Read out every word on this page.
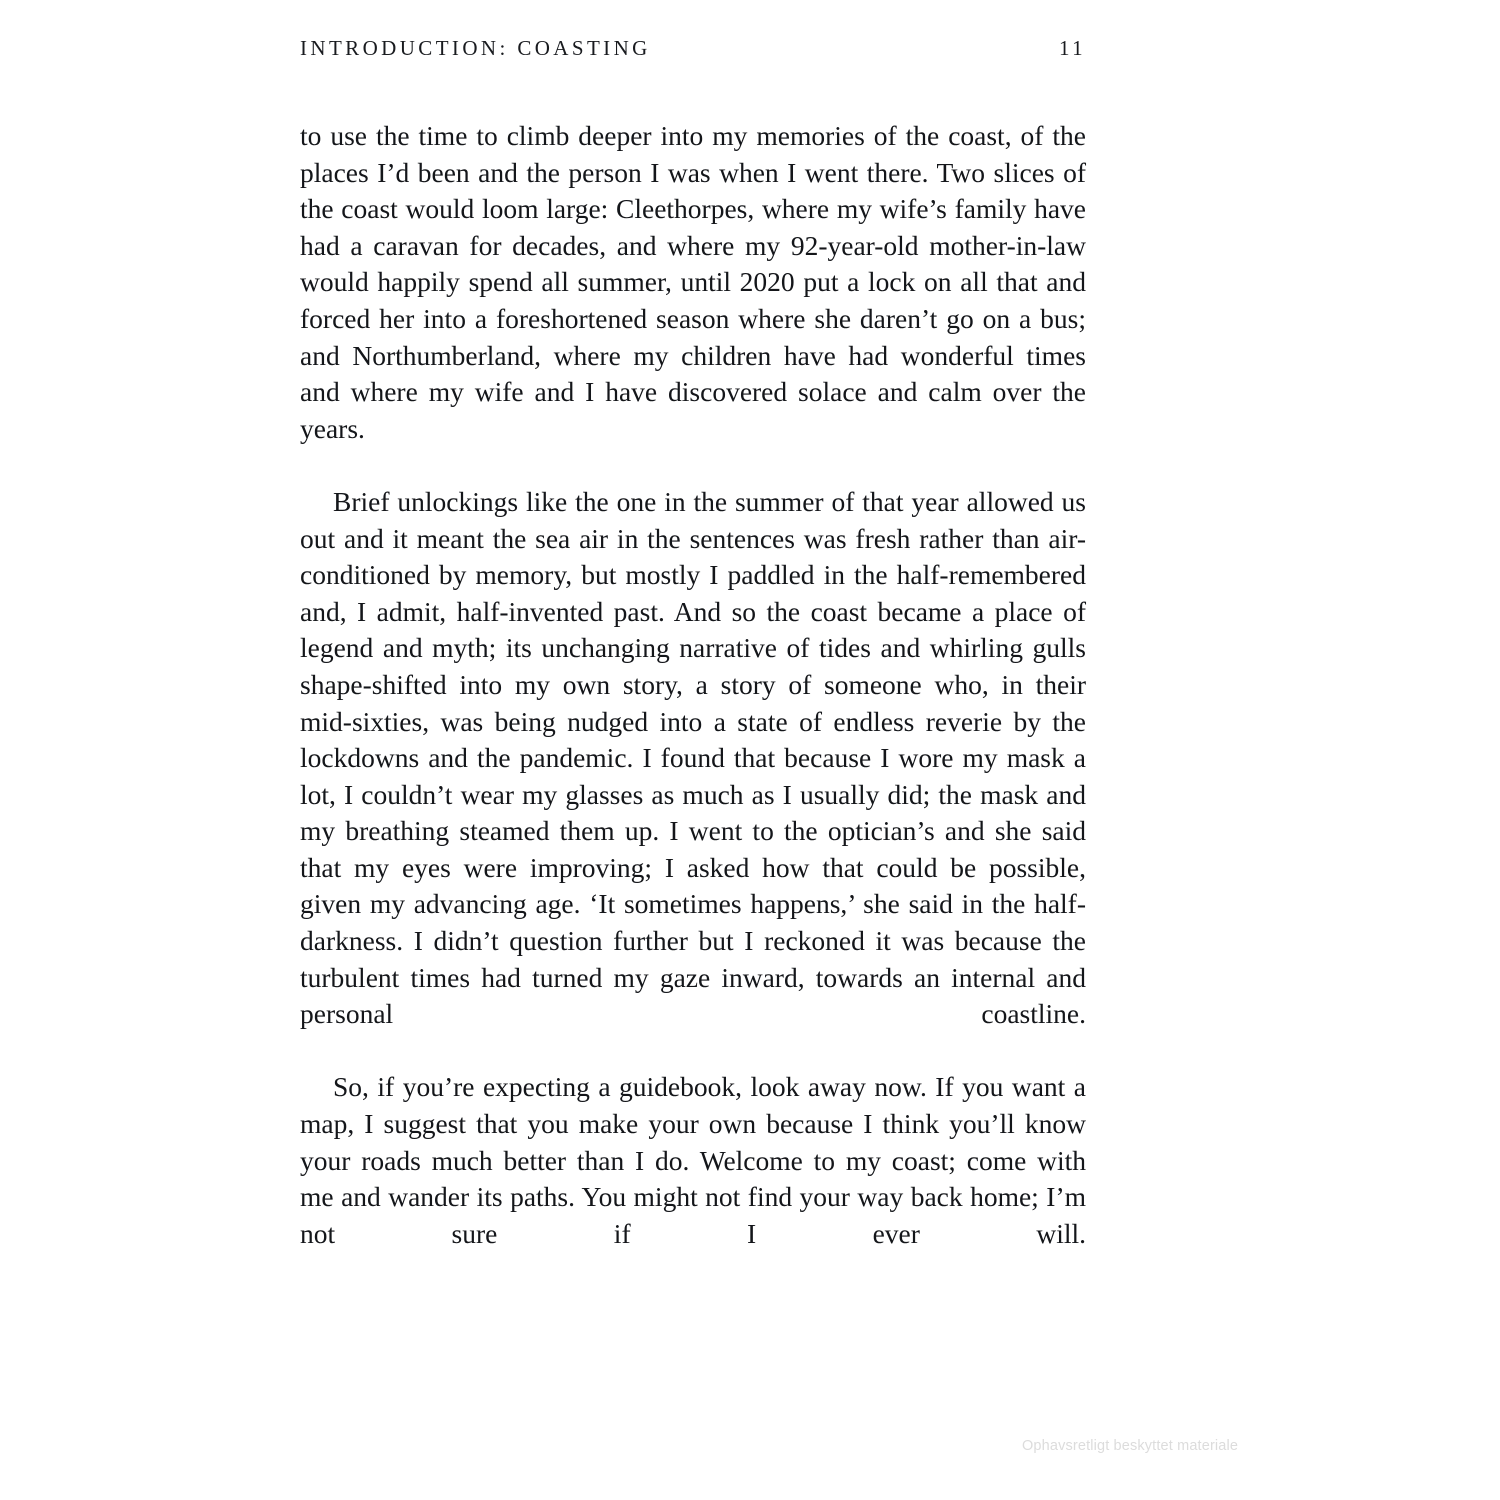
INTRODUCTION: COASTING	11

to use the time to climb deeper into my memories of the coast, of the places I’d been and the person I was when I went there. Two slices of the coast would loom large: Cleethorpes, where my wife’s family have had a caravan for decades, and where my 92-year-old mother-in-law would happily spend all summer, until 2020 put a lock on all that and forced her into a foreshortened season where she daren’t go on a bus; and Northumberland, where my children have had wonderful times and where my wife and I have discovered solace and calm over the years.

Brief unlockings like the one in the summer of that year allowed us out and it meant the sea air in the sentences was fresh rather than air-conditioned by memory, but mostly I paddled in the half-remembered and, I admit, half-invented past. And so the coast became a place of legend and myth; its unchanging narrative of tides and whirling gulls shape-shifted into my own story, a story of someone who, in their mid-sixties, was being nudged into a state of endless reverie by the lockdowns and the pandemic. I found that because I wore my mask a lot, I couldn’t wear my glasses as much as I usually did; the mask and my breathing steamed them up. I went to the optician’s and she said that my eyes were improving; I asked how that could be possible, given my advancing age. ‘It sometimes happens,’ she said in the half-darkness. I didn’t question further but I reckoned it was because the turbulent times had turned my gaze inward, towards an internal and personal coastline.

So, if you’re expecting a guidebook, look away now. If you want a map, I suggest that you make your own because I think you’ll know your roads much better than I do. Welcome to my coast; come with me and wander its paths. You might not find your way back home; I’m not sure if I ever will.

Ophavsretligt beskyttet materiale
